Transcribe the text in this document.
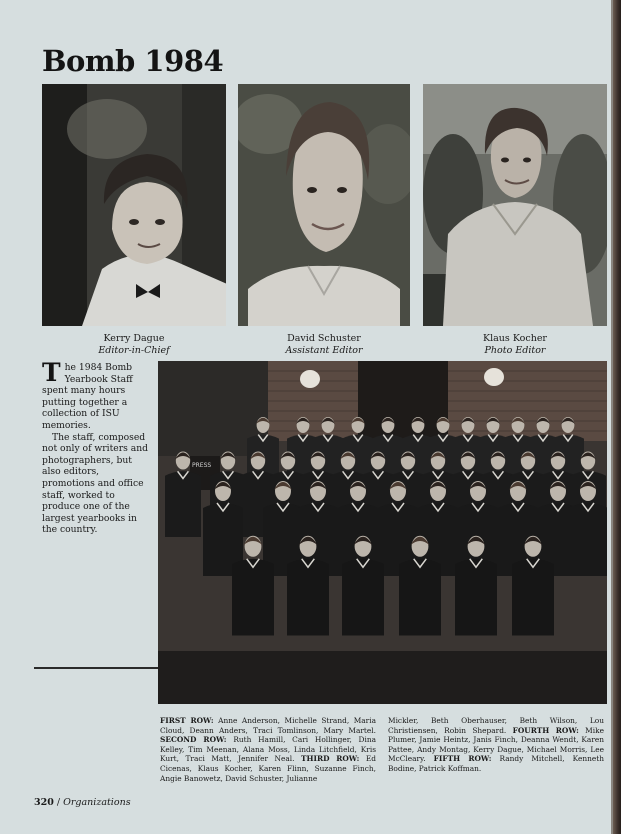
Bomb 1984
Kerry Dague
Editor-in-Chief
David Schuster
Assistant Editor
Klaus Kocher
Photo Editor

The 1984 Bomb Yearbook Staff spent many hours putting together a collection of ISU memories.

The staff, composed not only of writers and photographers, but also editors, promotions and office staff, worked to produce one of the largest yearbooks in the country.

PRESS
FIRST ROW: Anne Anderson, Michelle Strand, Maria Cloud, Deann Anders, Traci Tomlinson, Mary Martel. SECOND ROW: Ruth Hamill, Cari Hollinger, Dina Kelley, Tim Meenan, Alana Moss, Linda Litchfield, Kris Kurt, Traci Matt, Jennifer Neal. THIRD ROW: Ed Cicenas, Klaus Kocher, Karen Flinn, Suzanne Finch, Angie Banowetz, David Schuster, Julianne
Mickler, Beth Oberhauser, Beth Wilson, Lou Christiensen, Robin Shepard. FOURTH ROW: Mike Plumer, Jamie Heintz, Janis Finch, Deanna Wendt, Karen Pattee, Andy Montag, Kerry Dague, Michael Morris, Lee McCleary. FIFTH ROW: Randy Mitchell, Kenneth Bodine, Patrick Koffman.
320 / Organizations
